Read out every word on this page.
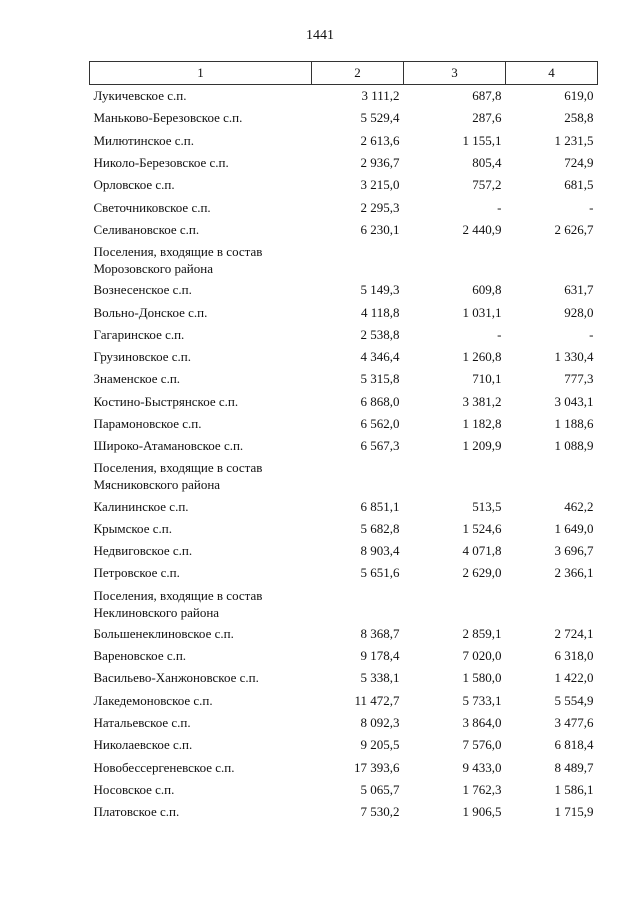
1441
1	2	3	4
Лукичевское с.п.	3 111,2	687,8	619,0
Маньково-Березовское с.п.	5 529,4	287,6	258,8
Милютинское с.п.	2 613,6	1 155,1	1 231,5
Николо-Березовское с.п.	2 936,7	805,4	724,9
Орловское с.п.	3 215,0	757,2	681,5
Светочниковское с.п.	2 295,3	-	-
Селивановское с.п.	6 230,1	2 440,9	2 626,7
Поселения, входящие в состав Морозовского района			
Вознесенское с.п.	5 149,3	609,8	631,7
Вольно-Донское с.п.	4 118,8	1 031,1	928,0
Гагаринское с.п.	2 538,8	-	-
Грузиновское с.п.	4 346,4	1 260,8	1 330,4
Знаменское с.п.	5 315,8	710,1	777,3
Костино-Быстрянское с.п.	6 868,0	3 381,2	3 043,1
Парамоновское с.п.	6 562,0	1 182,8	1 188,6
Широко-Атамановское с.п.	6 567,3	1 209,9	1 088,9
Поселения, входящие в состав Мясниковского района			
Калининское с.п.	6 851,1	513,5	462,2
Крымское с.п.	5 682,8	1 524,6	1 649,0
Недвиговское с.п.	8 903,4	4 071,8	3 696,7
Петровское с.п.	5 651,6	2 629,0	2 366,1
Поселения, входящие в состав Неклиновского района			
Большенеклиновское с.п.	8 368,7	2 859,1	2 724,1
Вареновское с.п.	9 178,4	7 020,0	6 318,0
Васильево-Ханжоновское с.п.	5 338,1	1 580,0	1 422,0
Лакедемоновское с.п.	11 472,7	5 733,1	5 554,9
Натальевское с.п.	8 092,3	3 864,0	3 477,6
Николаевское с.п.	9 205,5	7 576,0	6 818,4
Новобессергеневское с.п.	17 393,6	9 433,0	8 489,7
Носовское с.п.	5 065,7	1 762,3	1 586,1
Платовское с.п.	7 530,2	1 906,5	1 715,9
